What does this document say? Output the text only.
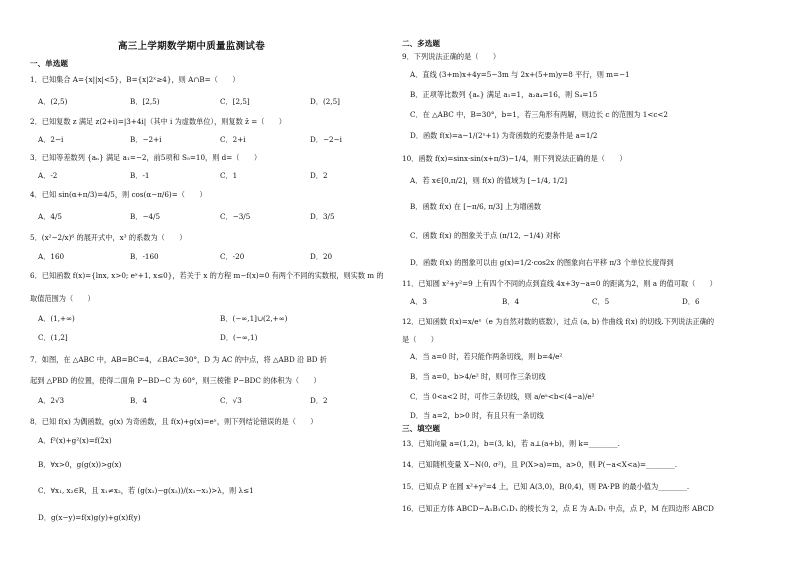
高三上学期数学期中质量监测试卷
一、单选题
1．已知集合 A={x||x|<5}，B={x|2ˣ≥4}，则 A∩B=（　　）
A．(2,5)	B．[2,5)	C．[2,5]	D．(2,5]
2．已知复数 z 满足 z(2+i)=|3+4i|（其中 i 为虚数单位），则复数 z̄ =（　　）
A．2−i	B．−2+i	C．2+i	D．−2−i
3．已知等差数列 {aₙ} 满足 a₁=−2，前5项和 S₅=10，则 d=（　　）
A．-2	B．-1	C．1	D．2
4．已知 sin(α+π/3)=4/5，则 cos(α−π/6)=（　　）
A．4/5	B．−4/5	C．−3/5	D．3/5
5．(x²−2/x)⁶ 的展开式中，x³ 的系数为（　　）
A．160	B．-160	C．-20	D．20
6．已知函数 f(x)={lnx, x>0; eˣ+1, x≤0}，若关于 x 的方程 m−f(x)=0 有两个不同的实数根，则实数 m 的
取值范围为（　　）
A．(1,+∞)	B．(−∞,1]∪(2,+∞)
C．(1,2]	D．(−∞,1)
7．如图，在 △ABC 中，AB=BC=4，∠BAC=30°，D 为 AC 的中点，将 △ABD 沿 BD 折
起到 △PBD 的位置，使得二面角 P−BD−C 为 60°，则三棱锥 P−BDC 的体积为（　　）
A．2√3	B．4	C．√3	D．2
8．已知 f(x) 为偶函数，g(x) 为奇函数，且 f(x)+g(x)=eˣ，则下列结论错误的是（　　）
A．f²(x)+g²(x)=f(2x)
B．∀x>0，g(g(x))>g(x)
C．∀x₁, x₂∈R，且 x₁≠x₂，若 (g(x₁)−g(x₂))/(x₁−x₂)>λ，则 λ≤1
D．g(x−y)=f(x)g(y)+g(x)f(y)
二、多选题
9．下列说法正确的是（　　）
A．直线 (3+m)x+4y=5−3m 与 2x+(5+m)y=8 平行，则 m=−1
B．正项等比数列 {aₙ} 满足 a₁=1，a₂a₄=16，则 S₄=15
C．在 △ABC 中，B=30°，b=1，若三角形有两解，则边长 c 的范围为 1<c<2
D．函数 f(x)=a−1/(2ˣ+1) 为奇函数的充要条件是 a=1/2
10．函数 f(x)=sinx·sin(x+π/3)−1/4，则下列说法正确的是（　　）
A．若 x∈[0,π/2]，则 f(x) 的值域为 [−1/4, 1/2]
B．函数 f(x) 在 [−π/6, π/3] 上为增函数
C．函数 f(x) 的图象关于点 (π/12, −1/4) 对称
D．函数 f(x) 的图象可以由 g(x)=1/2·cos2x 的图象向右平移 π/3 个单位长度得到
11．已知圆 x²+y²=9 上有四个不同的点到直线 4x+3y−a=0 的距离为2，则 a 的值可取（　　）
A．3	B．4	C．5	D．6
12．已知函数 f(x)=x/eˣ（e 为自然对数的底数），过点 (a, b) 作曲线 f(x) 的切线.下列说法正确的
是（　　）
A．当 a=0 时，若只能作两条切线，则 b=4/e²
B．当 a=0，b>4/e² 时，则可作三条切线
C．当 0<a<2 时，可作三条切线，则 a/eᵃ<b<(4−a)/e²
D．当 a=2，b>0 时，有且只有一条切线
三、填空题
13．已知向量 a=(1,2)，b=(3, k)，若 a⊥(a+b)，则 k=________.
14．已知随机变量 X−N(0, σ²)，且 P(X>a)=m，a>0，则 P(−a<X<a)=________.
15．已知点 P 在圆 x²+y²=4 上，已知 A(3,0)，B(0,4)，则 PA·PB 的最小值为________.
16．已知正方体 ABCD−A₁B₁C₁D₁ 的棱长为 2，点 E 为 A₁D₁ 中点，点 P，M 在四边形 ABCD
